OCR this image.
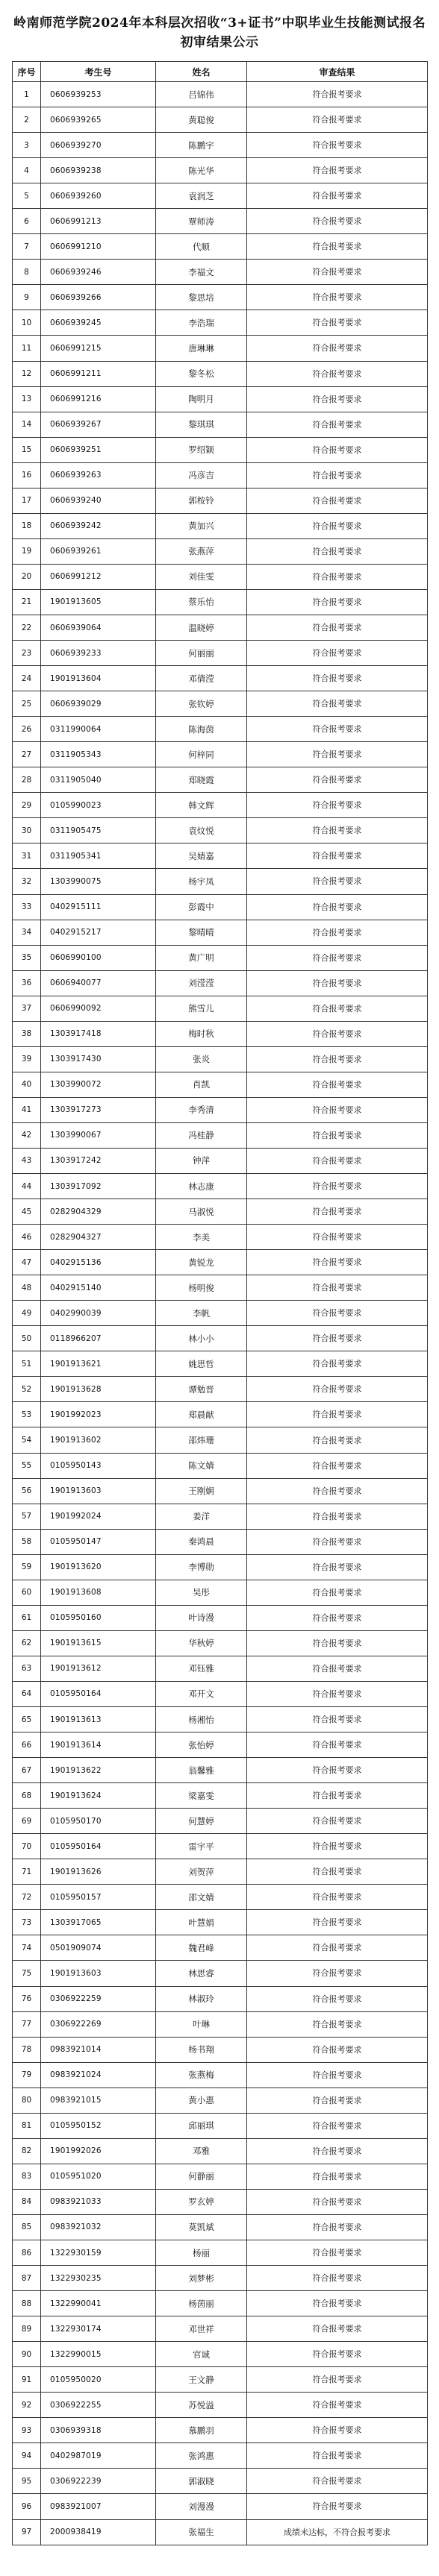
岭南师范学院2024年本科层次招收“3+证书”中职毕业生技能测试报名初审结果公示
序号	考生号	姓名	审查结果
1	0606939253	吕锦伟	符合报考要求
2	0606939265	黄聪俊	符合报考要求
3	0606939270	陈鹏宇	符合报考要求
4	0606939238	陈光华	符合报考要求
5	0606939260	袁润芝	符合报考要求
6	0606991213	覃师涛	符合报考要求
7	0606991210	代顺	符合报考要求
8	0606939246	李福文	符合报考要求
9	0606939266	黎思培	符合报考要求
10	0606939245	李浩瑞	符合报考要求
11	0606991215	唐琳琳	符合报考要求
12	0606991211	黎冬松	符合报考要求
13	0606991216	陶明月	符合报考要求
14	0606939267	黎琪琪	符合报考要求
15	0606939251	罗绍颖	符合报考要求
16	0606939263	冯彦吉	符合报考要求
17	0606939240	郭桉铃	符合报考要求
18	0606939242	黄加兴	符合报考要求
19	0606939261	张燕萍	符合报考要求
20	0606991212	刘佳雯	符合报考要求
21	1901913605	蔡乐怡	符合报考要求
22	0606939064	温晓婷	符合报考要求
23	0606939233	何丽丽	符合报考要求
24	1901913604	邓倩滢	符合报考要求
25	0606939029	张钦婷	符合报考要求
26	0311990064	陈海茵	符合报考要求
27	0311905343	何梓同	符合报考要求
28	0311905040	郑晓霞	符合报考要求
29	0105990023	韩文辉	符合报考要求
30	0311905475	袁炆悦	符合报考要求
31	0311905341	吴婧嘉	符合报考要求
32	1303990075	杨宇凤	符合报考要求
33	0402915111	彭霞中	符合报考要求
34	0402915217	黎晴晴	符合报考要求
35	0606990100	黄广明	符合报考要求
36	0606940077	刘滢滢	符合报考要求
37	0606990092	熊雪儿	符合报考要求
38	1303917418	梅时秋	符合报考要求
39	1303917430	张炎	符合报考要求
40	1303990072	肖凯	符合报考要求
41	1303917273	李秀清	符合报考要求
42	1303990067	冯桂静	符合报考要求
43	1303917242	钟萍	符合报考要求
44	1303917092	林志康	符合报考要求
45	0282904329	马淑悦	符合报考要求
46	0282904327	李美	符合报考要求
47	0402915136	黄锐龙	符合报考要求
48	0402915140	杨明俊	符合报考要求
49	0402990039	李帆	符合报考要求
50	0118966207	林小小	符合报考要求
51	1901913621	姚思哲	符合报考要求
52	1901913628	谭勉晋	符合报考要求
53	1901992023	郑晨献	符合报考要求
54	1901913602	邵炜珊	符合报考要求
55	0105950143	陈文婧	符合报考要求
56	1901913603	王刚娴	符合报考要求
57	1901992024	姜洋	符合报考要求
58	0105950147	秦鸿晨	符合报考要求
59	1901913620	李博勋	符合报考要求
60	1901913608	吴彤	符合报考要求
61	0105950160	叶诗漫	符合报考要求
62	1901913615	华秋婷	符合报考要求
63	1901913612	邓钰雅	符合报考要求
64	0105950164	邓开文	符合报考要求
65	1901913613	杨湘怡	符合报考要求
66	1901913614	张怡婷	符合报考要求
67	1901913622	翁馨雅	符合报考要求
68	1901913624	梁嘉雯	符合报考要求
69	0105950170	何慧婷	符合报考要求
70	0105950164	雷宇平	符合报考要求
71	1901913626	刘贺萍	符合报考要求
72	0105950157	邵文婧	符合报考要求
73	1303917065	叶慧娟	符合报考要求
74	0501909074	魏君峰	符合报考要求
75	1901913603	林思睿	符合报考要求
76	0306922259	林淑玲	符合报考要求
77	0306922269	叶琳	符合报考要求
78	0983921014	杨书翔	符合报考要求
79	0983921024	张燕梅	符合报考要求
80	0983921015	黄小惠	符合报考要求
81	0105950152	邱丽琪	符合报考要求
82	1901992026	邓雅	符合报考要求
83	0105951020	何静丽	符合报考要求
84	0983921033	罗玄婷	符合报考要求
85	0983921032	莫凯斌	符合报考要求
86	1322930159	杨丽	符合报考要求
87	1322930235	刘梦彬	符合报考要求
88	1322990041	杨茵丽	符合报考要求
89	1322930174	邓世祥	符合报考要求
90	1322990015	官诚	符合报考要求
91	0105950020	王文静	符合报考要求
92	0306922255	苏悦溢	符合报考要求
93	0306939318	慕鹏羽	符合报考要求
94	0402987019	张鸿惠	符合报考要求
95	0306922239	郭淑晓	符合报考要求
96	0983921007	刘漫漫	符合报考要求
97	2000938419	张福生	成绩未达标，不符合报考要求
